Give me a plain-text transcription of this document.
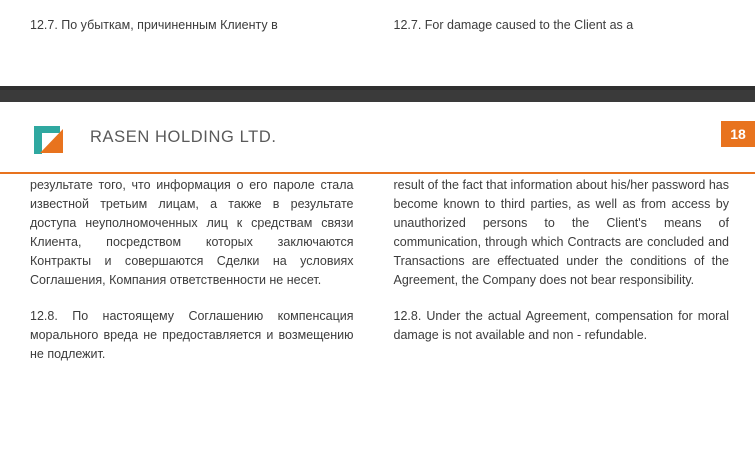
12.7. По убыткам, причиненным Клиенту в	12.7. For damage caused to the Client as a

RASEN HOLDING LTD.	18

результате того, что информация о его пароле стала известной третьим лицам, а также в результате доступа неуполномоченных лиц к средствам связи Клиента, посредством которых заключаются Контракты и совершаются Сделки на условиях Соглашения, Компания ответственности не несет.

12.8. По настоящему Соглашению компенсация морального вреда не предоставляется и возмещению не подлежит.

result of the fact that information about his/her password has become known to third parties, as well as from access by unauthorized persons to the Client's means of communication, through which Contracts are concluded and Transactions are effectuated under the conditions of the Agreement, the Company does not bear responsibility.

12.8. Under the actual Agreement, compensation for moral damage is not available and non - refundable.
